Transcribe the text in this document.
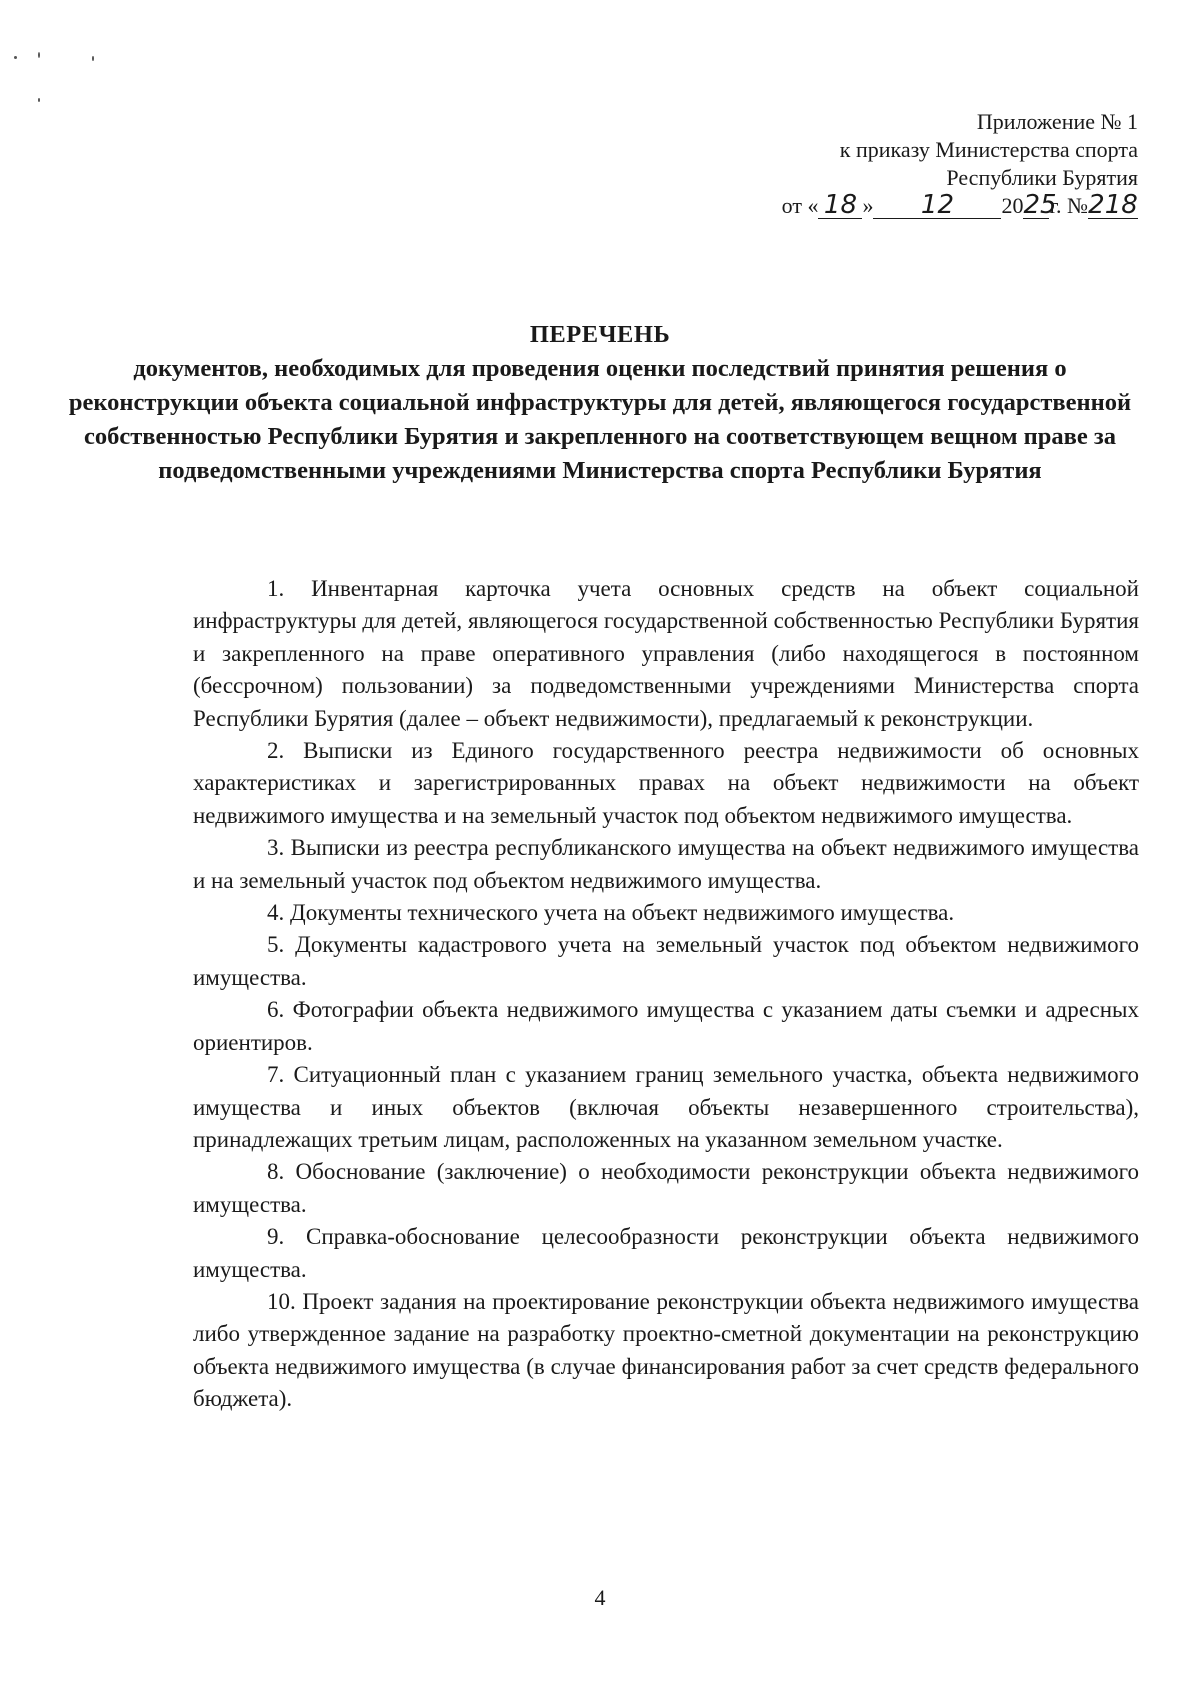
Приложение № 1
к приказу Министерства спорта
Республики Бурятия
от « 18 »	12	20 25
г. № 218
ПЕРЕЧЕНЬ
документов, необходимых для проведения оценки последствий принятия решения о реконструкции объекта социальной инфраструктуры для детей, являющегося государственной собственностью Республики Бурятия и закрепленного на соответствующем вещном праве за подведомственными учреждениями Министерства спорта Республики Бурятия

1. Инвентарная карточка учета основных средств на объект социальной инфраструктуры для детей, являющегося государственной собственностью Республики Бурятия и закрепленного на праве оперативного управления (либо находящегося в постоянном (бессрочном) пользовании) за подведомственными учреждениями Министерства спорта Республики Бурятия (далее – объект недвижимости), предлагаемый к реконструкции.

2. Выписки из Единого государственного реестра недвижимости об основных характеристиках и зарегистрированных правах на объект недвижимости на объект недвижимого имущества и на земельный участок под объектом недвижимого имущества.

3. Выписки из реестра республиканского имущества на объект недвижимого имущества и на земельный участок под объектом недвижимого имущества.

4. Документы технического учета на объект недвижимого имущества.

5. Документы кадастрового учета на земельный участок под объектом недвижимого имущества.

6. Фотографии объекта недвижимого имущества с указанием даты съемки и адресных ориентиров.

7. Ситуационный план с указанием границ земельного участка, объекта недвижимого имущества и иных объектов (включая объекты незавершенного строительства), принадлежащих третьим лицам, расположенных на указанном земельном участке.

8. Обоснование (заключение) о необходимости реконструкции объекта недвижимого имущества.

9. Справка-обоснование целесообразности реконструкции объекта недвижимого имущества.

10. Проект задания на проектирование реконструкции объекта недвижимого имущества либо утвержденное задание на разработку проектно-сметной документации на реконструкцию объекта недвижимого имущества (в случае финансирования работ за счет средств федерального бюджета).

4
